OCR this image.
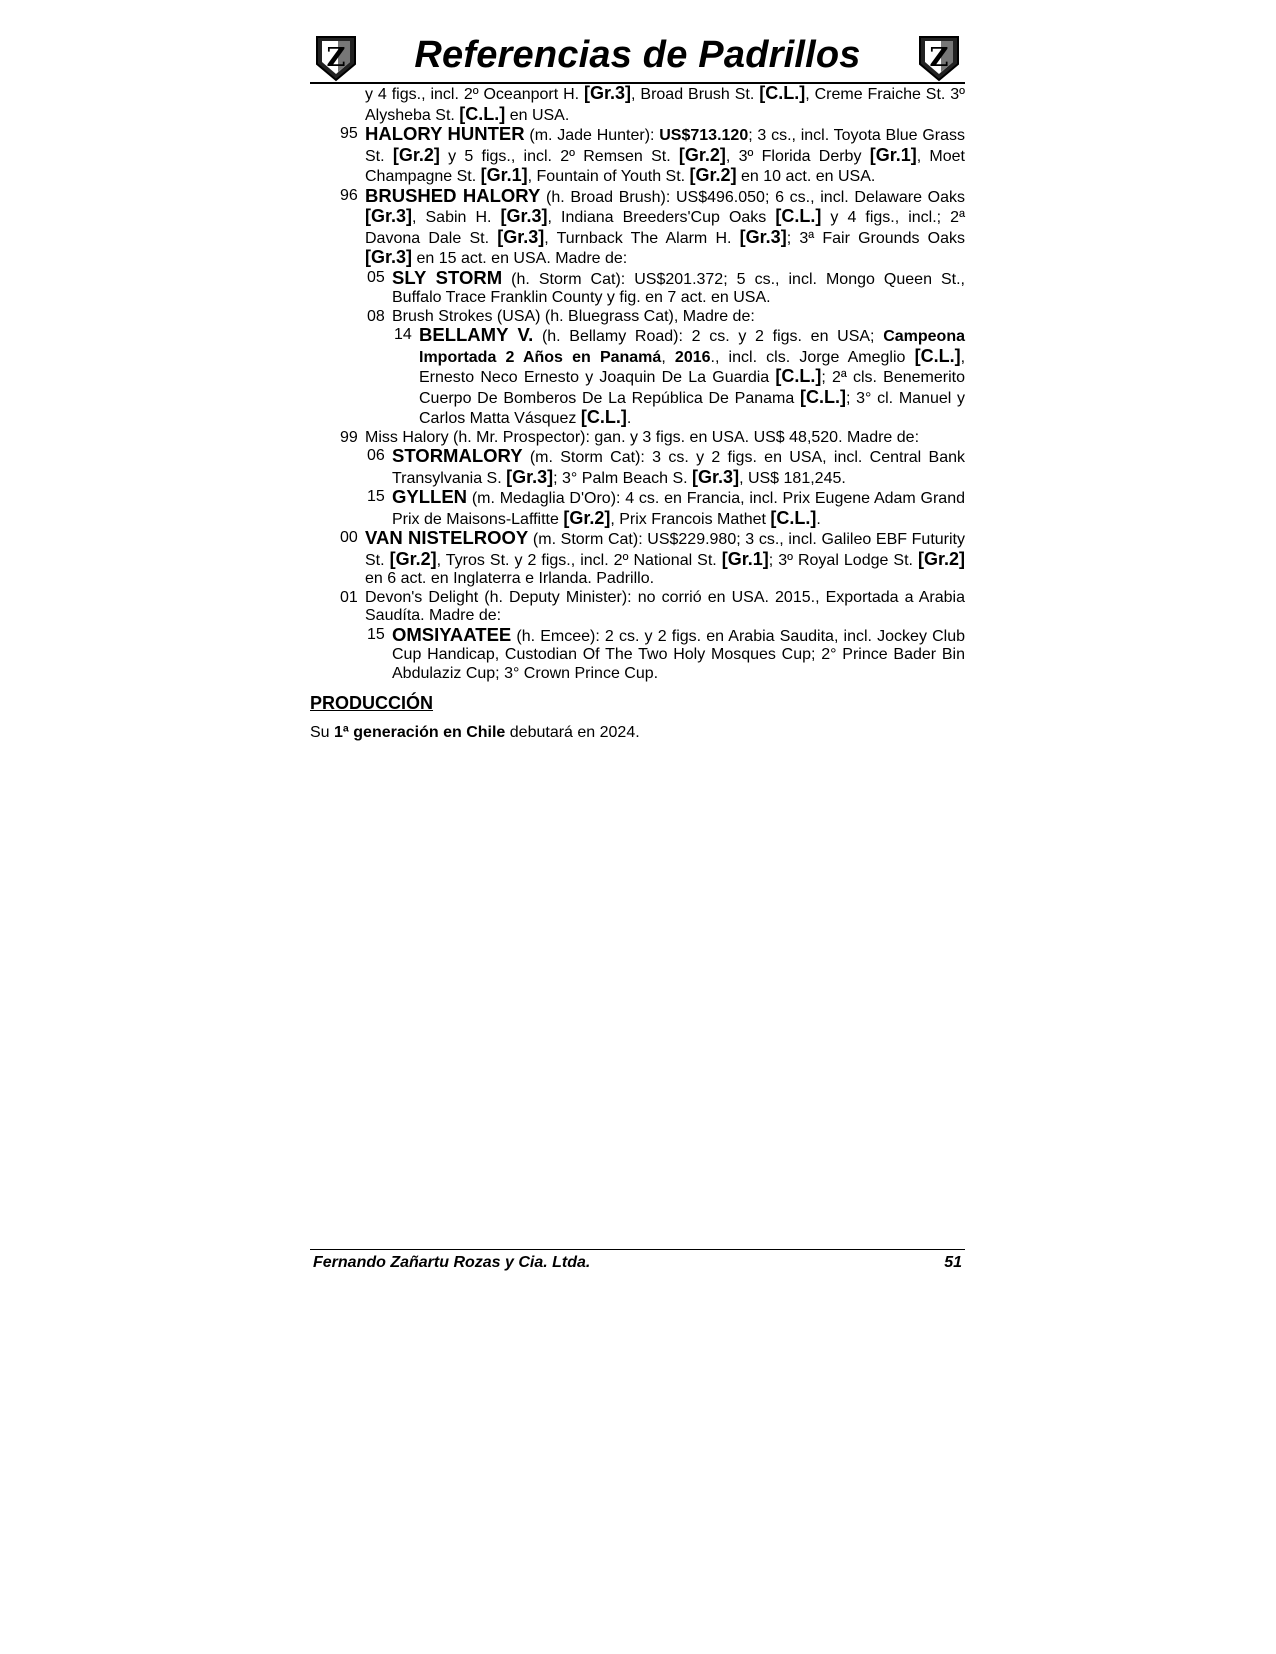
Z	Referencias de Padrillos	Z
y 4 figs., incl. 2º Oceanport H. [Gr.3], Broad Brush St. [C.L.], Creme Fraiche St. 3º Alysheba St. [C.L.] en USA.
95 HALORY HUNTER (m. Jade Hunter): US$713.120; 3 cs., incl. Toyota Blue Grass St. [Gr.2] y 5 figs., incl. 2º Remsen St. [Gr.2], 3º Florida Derby [Gr.1], Moet Champagne St. [Gr.1], Fountain of Youth St. [Gr.2] en 10 act. en USA.
96 BRUSHED HALORY (h. Broad Brush): US$496.050; 6 cs., incl. Delaware Oaks [Gr.3], Sabin H. [Gr.3], Indiana Breeders'Cup Oaks [C.L.] y 4 figs., incl.; 2ª Davona Dale St. [Gr.3], Turnback The Alarm H. [Gr.3]; 3ª Fair Grounds Oaks [Gr.3] en 15 act. en USA. Madre de:
05 SLY STORM (h. Storm Cat): US$201.372; 5 cs., incl. Mongo Queen St., Buffalo Trace Franklin County y fig. en 7 act. en USA.
08 Brush Strokes (USA) (h. Bluegrass Cat), Madre de:
14 BELLAMY V. (h. Bellamy Road): 2 cs. y 2 figs. en USA; Campeona Importada 2 Años en Panamá, 2016., incl. cls. Jorge Ameglio [C.L.], Ernesto Neco Ernesto y Joaquin De La Guardia [C.L.]; 2ª cls. Benemerito Cuerpo De Bomberos De La República De Panama [C.L.]; 3° cl. Manuel y Carlos Matta Vásquez [C.L.].
99 Miss Halory (h. Mr. Prospector): gan. y 3 figs. en USA. US$ 48,520. Madre de:
06 STORMALORY (m. Storm Cat): 3 cs. y 2 figs. en USA, incl. Central Bank Transylvania S. [Gr.3]; 3° Palm Beach S. [Gr.3], US$ 181,245.
15 GYLLEN (m. Medaglia D'Oro): 4 cs. en Francia, incl. Prix Eugene Adam Grand Prix de Maisons-Laffitte [Gr.2], Prix Francois Mathet [C.L.].
00 VAN NISTELROOY (m. Storm Cat): US$229.980; 3 cs., incl. Galileo EBF Futurity St. [Gr.2], Tyros St. y 2 figs., incl. 2º National St. [Gr.1]; 3º Royal Lodge St. [Gr.2] en 6 act. en Inglaterra e Irlanda. Padrillo.
01 Devon's Delight (h. Deputy Minister): no corrió en USA. 2015., Exportada a Arabia Saudíta. Madre de:
15 OMSIYAATEE (h. Emcee): 2 cs. y 2 figs. en Arabia Saudita, incl. Jockey Club Cup Handicap, Custodian Of The Two Holy Mosques Cup; 2° Prince Bader Bin Abdulaziz Cup; 3° Crown Prince Cup.
PRODUCCIÓN
Su 1ª generación en Chile debutará en 2024.
Fernando Zañartu Rozas y Cia. Ltda.	51
